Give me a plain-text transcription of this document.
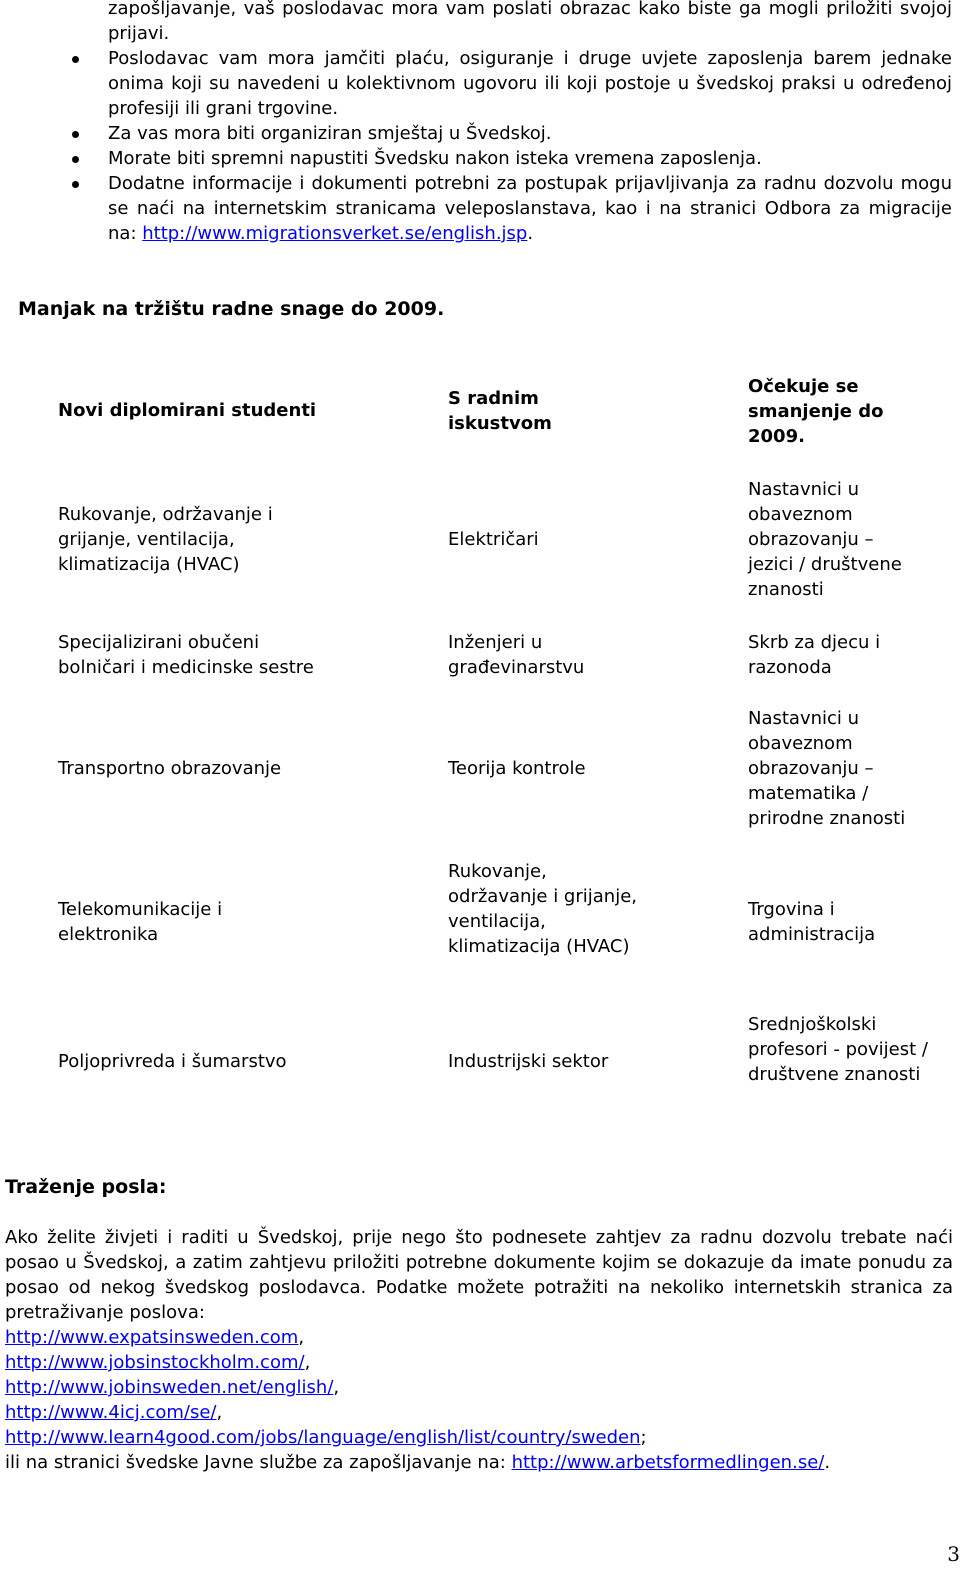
zapošljavanje, vaš poslodavac mora vam poslati obrazac kako biste ga mogli priložiti svojoj prijavi.
Poslodavac vam mora jamčiti plaću, osiguranje i druge uvjete zaposlenja barem jednake onima koji su navedeni u kolektivnom ugovoru ili koji postoje u švedskoj praksi u određenoj profesiji ili grani trgovine.
Za vas mora biti organiziran smještaj u Švedskoj.
Morate biti spremni napustiti Švedsku nakon isteka vremena zaposlenja.
Dodatne informacije i dokumenti potrebni za postupak prijavljivanja za radnu dozvolu mogu se naći na internetskim stranicama veleposlanstava, kao i na stranici Odbora za migracije na: http://www.migrationsverket.se/english.jsp.
Manjak na tržištu radne snage do 2009.
Novi diplomirani studenti
S radnim iskustvom
Očekuje se smanjenje do 2009.
Rukovanje, održavanje i grijanje, ventilacija, klimatizacija (HVAC)
Električari
Nastavnici u obaveznom obrazovanju – jezici / društvene znanosti
Specijalizirani obučeni bolničari i medicinske sestre
Inženjeri u građevinarstvu
Skrb za djecu i razonoda
Transportno obrazovanje	Teorija kontrole
Nastavnici u obaveznom obrazovanju – matematika / prirodne znanosti
Telekomunikacije i elektronika
Rukovanje, održavanje i grijanje, ventilacija, klimatizacija (HVAC)
Trgovina i administracija
Poljoprivreda i šumarstvo	Industrijski sektor
Srednjoškolski profesori - povijest / društvene znanosti
Traženje posla:
Ako želite živjeti i raditi u Švedskoj, prije nego što podnesete zahtjev za radnu dozvolu trebate naći posao u Švedskoj, a zatim zahtjevu priložiti potrebne dokumente kojim se dokazuje da imate ponudu za posao od nekog švedskog poslodavca. Podatke možete potražiti na nekoliko internetskih stranica za pretraživanje poslova:
http://www.expatsinsweden.com,
http://www.jobsinstockholm.com/,
http://www.jobinsweden.net/english/,
http://www.4icj.com/se/,
http://www.learn4good.com/jobs/language/english/list/country/sweden;
ili na stranici švedske Javne službe za zapošljavanje na: http://www.arbetsformedlingen.se/.
3
